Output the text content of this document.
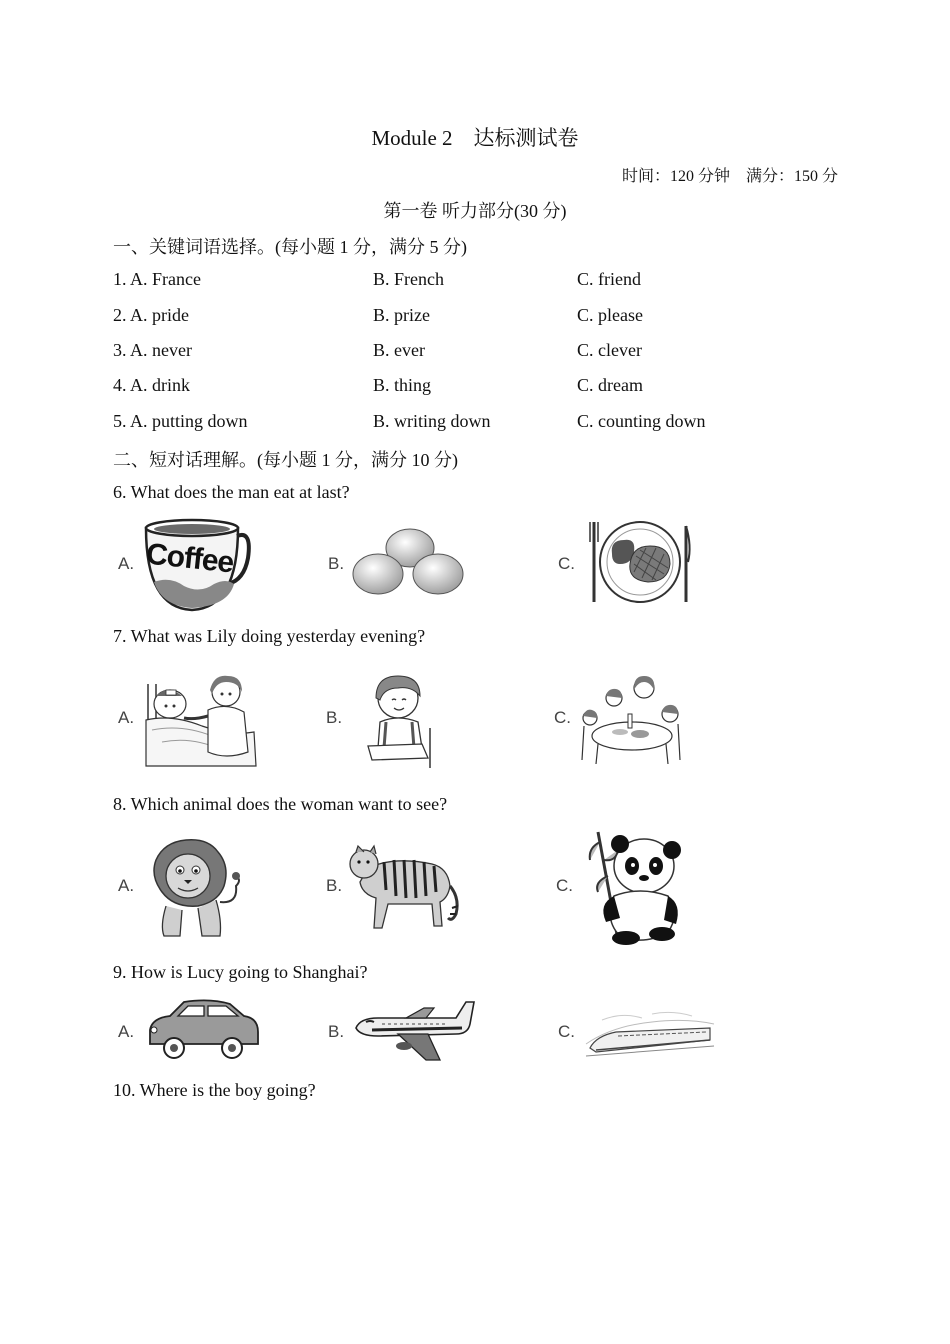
Module 2　达标测试卷
时间：120 分钟　满分：150 分
第一卷 听力部分(30 分)
一、关键词语选择。(每小题 1 分，满分 5 分)
1. A. France	B. French	C. friend
2. A. pride	B. prize	C. please
3. A. never	B. ever	C. clever
4. A. drink	B. thing	C. dream
5. A. putting down	B. writing down	C. counting down
二、短对话理解。(每小题 1 分，满分 10 分)
6. What does the man eat at last?
A. Coffee	B.	C.
7. What was Lily doing yesterday evening?
A.	B.	C.
8. Which animal does the woman want to see?
A.	B.	C.
9. How is Lucy going to Shanghai?
A.	B.	C.
10. Where is the boy going?
